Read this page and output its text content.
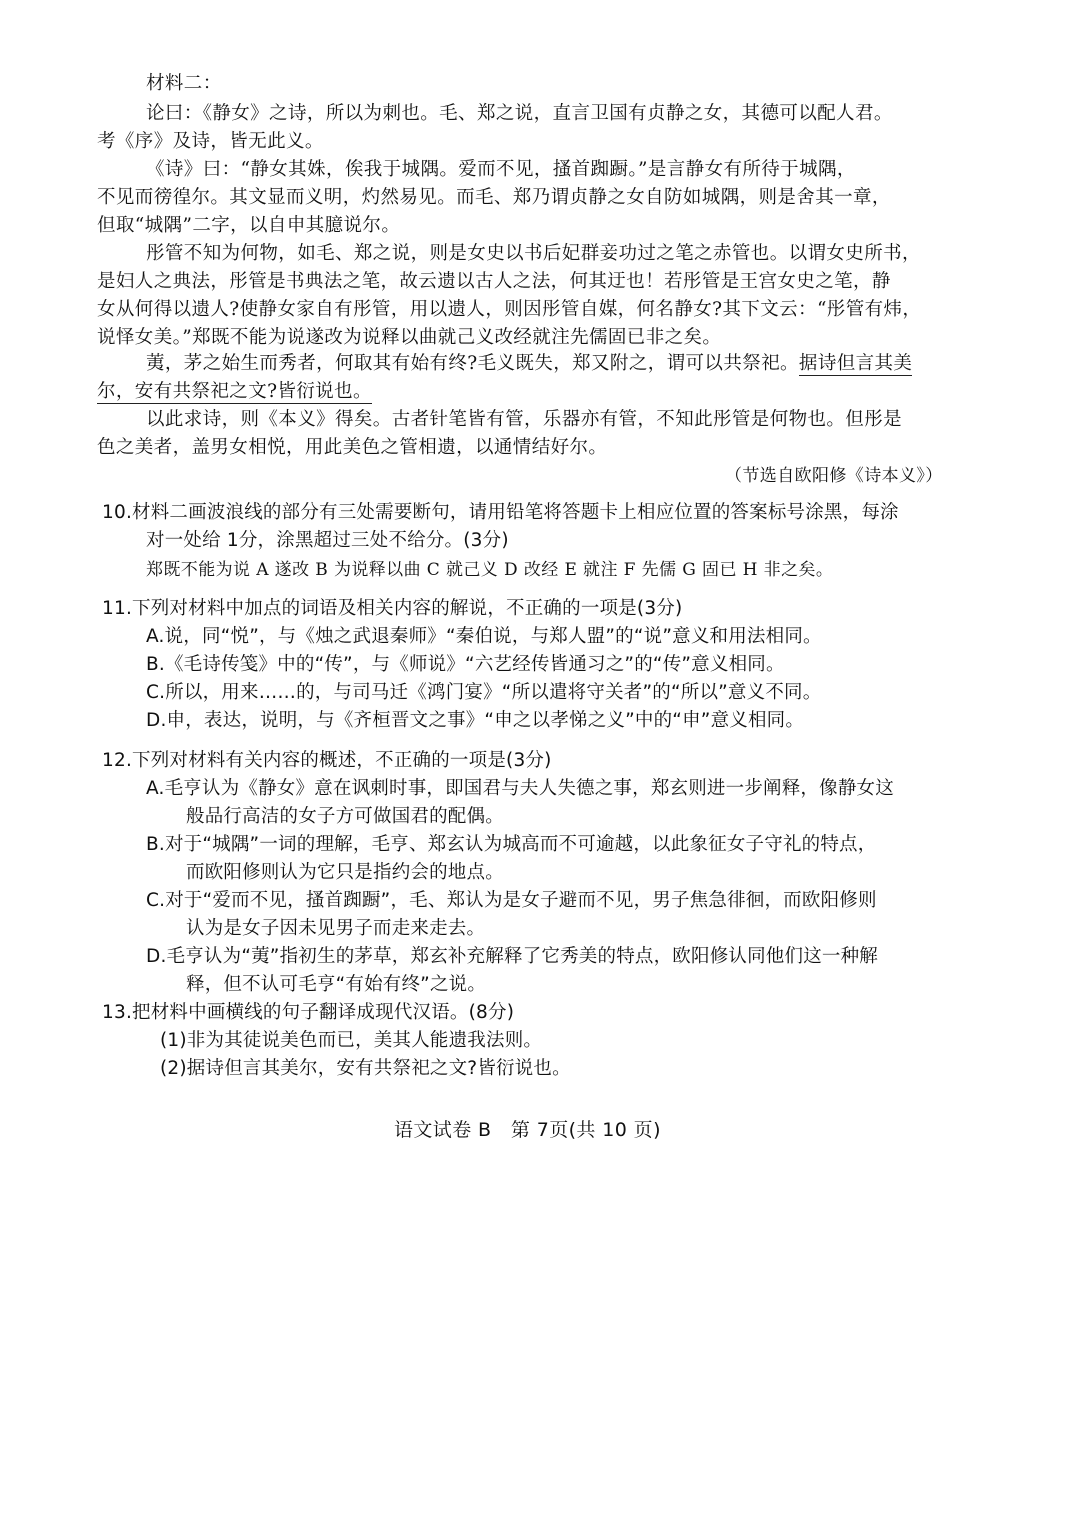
材料二：
论曰：《静女》之诗，所以为刺也。毛、郑之说，直言卫国有贞静之女，其德可以配人君。
考《序》及诗，皆无此义。
《诗》曰：“静女其姝，俟我于城隅。爱而不见，搔首踟蹰。”是言静女有所待于城隅，
不见而徬徨尔。其文显而义明，灼然易见。而毛、郑乃谓贞静之女自防如城隅，则是舍其一章，
但取“城隅”二字，以自申其臆说尔。
彤管不知为何物，如毛、郑之说，则是女史以书后妃群妾功过之笔之赤管也。以谓女史所书，
是妇人之典法，彤管是书典法之笔，故云遗以古人之法，何其迂也！若彤管是王宫女史之笔，静
女从何得以遗人?使静女家自有彤管，用以遗人，则因彤管自媒，何名静女?其下文云：“彤管有炜，
说怿女美。”郑既不能为说遂改为说释以曲就己义改经就注先儒固已非之矣。
荑，茅之始生而秀者，何取其有始有终?毛义既失，郑又附之，谓可以共祭祀。据诗但言其美
尔，安有共祭祀之文?皆衍说也。
以此求诗，则《本义》得矣。古者针笔皆有管，乐器亦有管，不知此彤管是何物也。但彤是
色之美者，盖男女相悦，用此美色之管相遗，以通情结好尔。
（节选自欧阳修《诗本义》）
10.材料二画波浪线的部分有三处需要断句，请用铅笔将答题卡上相应位置的答案标号涂黑，每涂
对一处给 1分，涂黑超过三处不给分。(3分)
郑既不能为说 A 遂改 B 为说释以曲 C 就己义 D 改经 E 就注 F 先儒 G 固已 H 非之矣。
11.下列对材料中加点的词语及相关内容的解说，不正确的一项是(3分)
A.说，同“悦”，与《烛之武退秦师》“秦伯说，与郑人盟”的“说”意义和用法相同。
B.《毛诗传笺》中的“传”，与《师说》“六艺经传皆通习之”的“传”意义相同。
C.所以，用来……的，与司马迁《鸿门宴》“所以遣将守关者”的“所以”意义不同。
D.申，表达，说明，与《齐桓晋文之事》“申之以孝悌之义”中的“申”意义相同。
12.下列对材料有关内容的概述，不正确的一项是(3分)
A.毛亨认为《静女》意在讽刺时事，即国君与夫人失德之事，郑玄则进一步阐释，像静女这
般品行高洁的女子方可做国君的配偶。
B.对于“城隅”一词的理解，毛亨、郑玄认为城高而不可逾越，以此象征女子守礼的特点，
而欧阳修则认为它只是指约会的地点。
C.对于“爱而不见，搔首踟蹰”，毛、郑认为是女子避而不见，男子焦急徘徊，而欧阳修则
认为是女子因未见男子而走来走去。
D.毛亨认为“荑”指初生的茅草，郑玄补充解释了它秀美的特点，欧阳修认同他们这一种解
释，但不认可毛亨“有始有终”之说。
13.把材料中画横线的句子翻译成现代汉语。(8分)
(1)非为其徒说美色而已，美其人能遗我法则。
(2)据诗但言其美尔，安有共祭祀之文?皆衍说也。
语文试卷 B　第 7页(共 10 页)
